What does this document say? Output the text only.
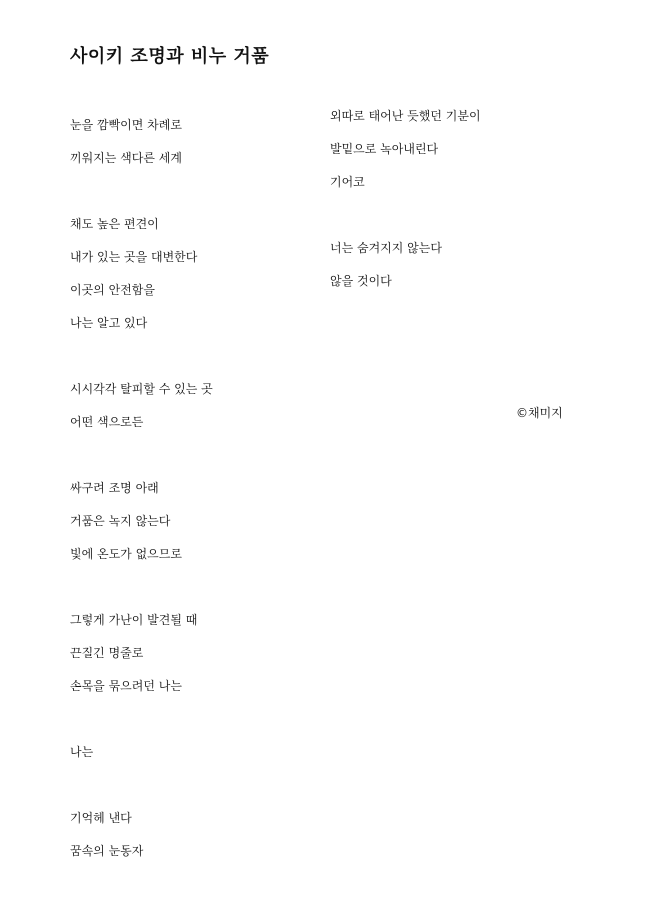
사이키 조명과 비누 거품
눈을 깜빡이면 차례로
끼워지는 색다른 세계
채도 높은 편견이
내가 있는 곳을 대변한다
이곳의 안전함을
나는 알고 있다
시시각각 탈피할 수 있는 곳
어떤 색으로든
싸구려 조명 아래
거품은 녹지 않는다
빛에 온도가 없으므로
그렇게 가난이 발견될 때
끈질긴 명줄로
손목을 묶으려던 나는
나는
기억헤 낸다
꿈속의 눈동자
외따로 태어난 듯했던 기분이
발밑으로 녹아내린다
기어코
너는 숨겨지지 않는다
않을 것이다
©채미지
